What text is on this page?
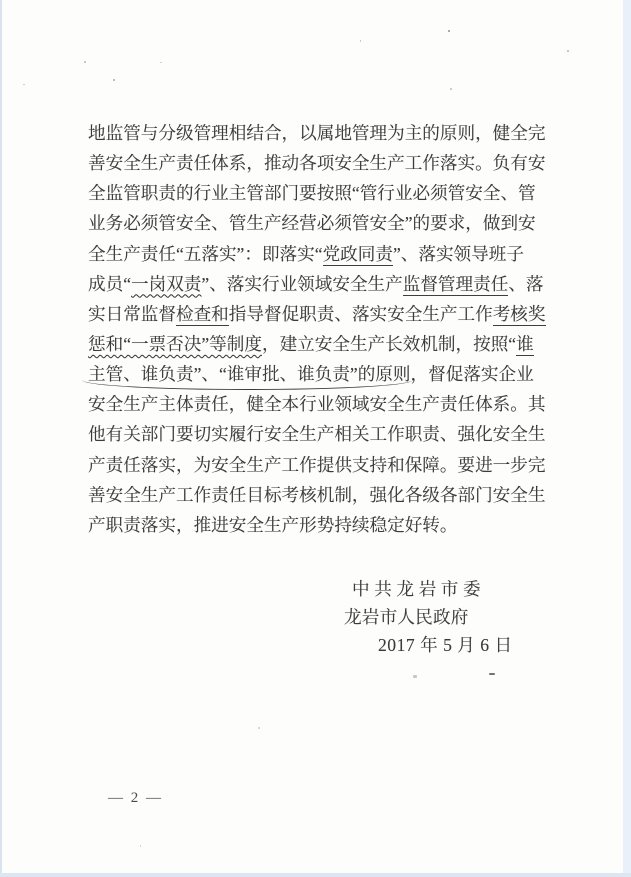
地监管与分级管理相结合，以属地管理为主的原则，健全完
善安全生产责任体系，推动各项安全生产工作落实。负有安
全监管职责的行业主管部门要按照“管行业必须管安全、管
业务必须管安全、管生产经营必须管安全”的要求，做到安
全生产责任“五落实”：即落实“党政同责”、落实领导班子
成员“一岗双责”、落实行业领域安全生产监督管理责任、落
实日常监督检查和指导督促职责、落实安全生产工作考核奖
惩和“一票否决”等制度，建立安全生产长效机制，按照“谁
主管、谁负责”、“谁审批、谁负责”的原则，督促落实企业
安全生产主体责任，健全本行业领域安全生产责任体系。其
他有关部门要切实履行安全生产相关工作职责、强化安全生
产责任落实，为安全生产工作提供支持和保障。要进一步完
善安全生产工作责任目标考核机制，强化各级各部门安全生
产职责落实，推进安全生产形势持续稳定好转。
中共龙岩市委
龙岩市人民政府
2017 年 5 月 6 日
— 2 —
